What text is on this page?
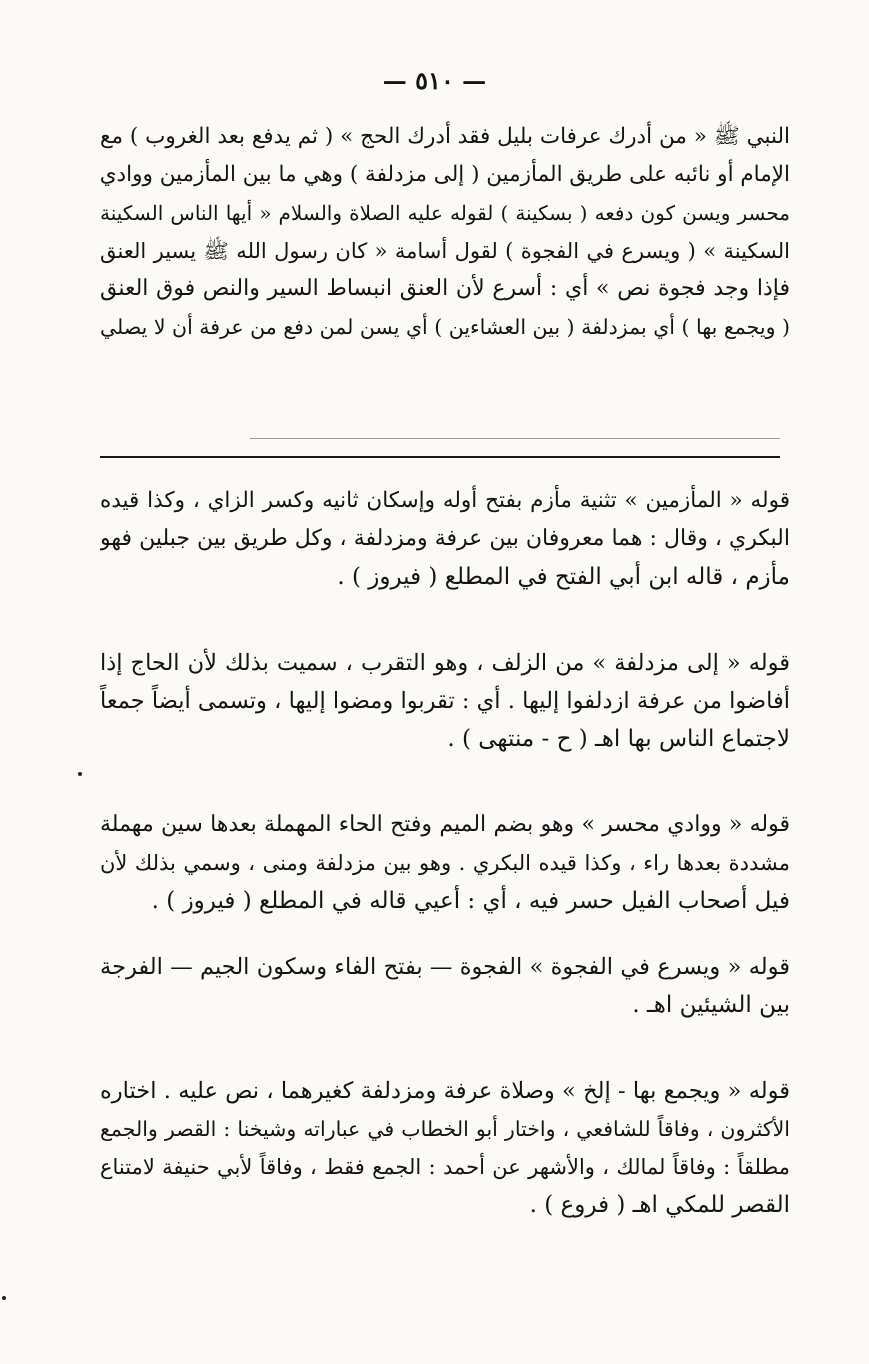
— ٥١٠ —
النبي ﷺ « من أدرك عرفات بليل فقد أدرك الحج » ( ثم يدفع بعد الغروب ) مع
الإمام أو نائبه على طريق المأزمين ( إلى مزدلفة ) وهي ما بين المأزمين ووادي
محسر ويسن كون دفعه ( بسكينة ) لقوله عليه الصلاة والسلام « أيها الناس السكينة
السكينة » ( ويسرع في الفجوة ) لقول أسامة « كان رسول الله ﷺ يسير العنق
فإذا وجد فجوة نص » أي : أسرع لأن العنق انبساط السير والنص فوق العنق
( ويجمع بها ) أي بمزدلفة ( بين العشاءين ) أي يسن لمن دفع من عرفة أن لا يصلي
قوله « المأزمين » تثنية مأزم بفتح أوله وإسكان ثانيه وكسر الزاي ، وكذا قيده
البكري ، وقال : هما معروفان بين عرفة ومزدلفة ، وكل طريق بين جبلين فهو
مأزم ، قاله ابن أبي الفتح في المطلع ( فيروز ) .
قوله « إلى مزدلفة » من الزلف ، وهو التقرب ، سميت بذلك لأن الحاج إذا
أفاضوا من عرفة ازدلفوا إليها . أي : تقربوا ومضوا إليها ، وتسمى أيضاً جمعاً
لاجتماع الناس بها اهـ ( ح - منتهى ) .
قوله « ووادي محسر » وهو بضم الميم وفتح الحاء المهملة بعدها سين مهملة
مشددة بعدها راء ، وكذا قيده البكري . وهو بين مزدلفة ومنى ، وسمي بذلك لأن
فيل أصحاب الفيل حسر فيه ، أي : أعيي قاله في المطلع ( فيروز ) .
قوله « ويسرع في الفجوة » الفجوة — بفتح الفاء وسكون الجيم — الفرجة
بين الشيئين اهـ .
قوله « ويجمع بها - إلخ » وصلاة عرفة ومزدلفة كغيرهما ، نص عليه . اختاره
الأكثرون ، وفاقاً للشافعي ، واختار أبو الخطاب في عباراته وشيخنا : القصر والجمع
مطلقاً : وفاقاً لمالك ، والأشهر عن أحمد : الجمع فقط ، وفاقاً لأبي حنيفة لامتناع
القصر للمكي اهـ ( فروع ) .
